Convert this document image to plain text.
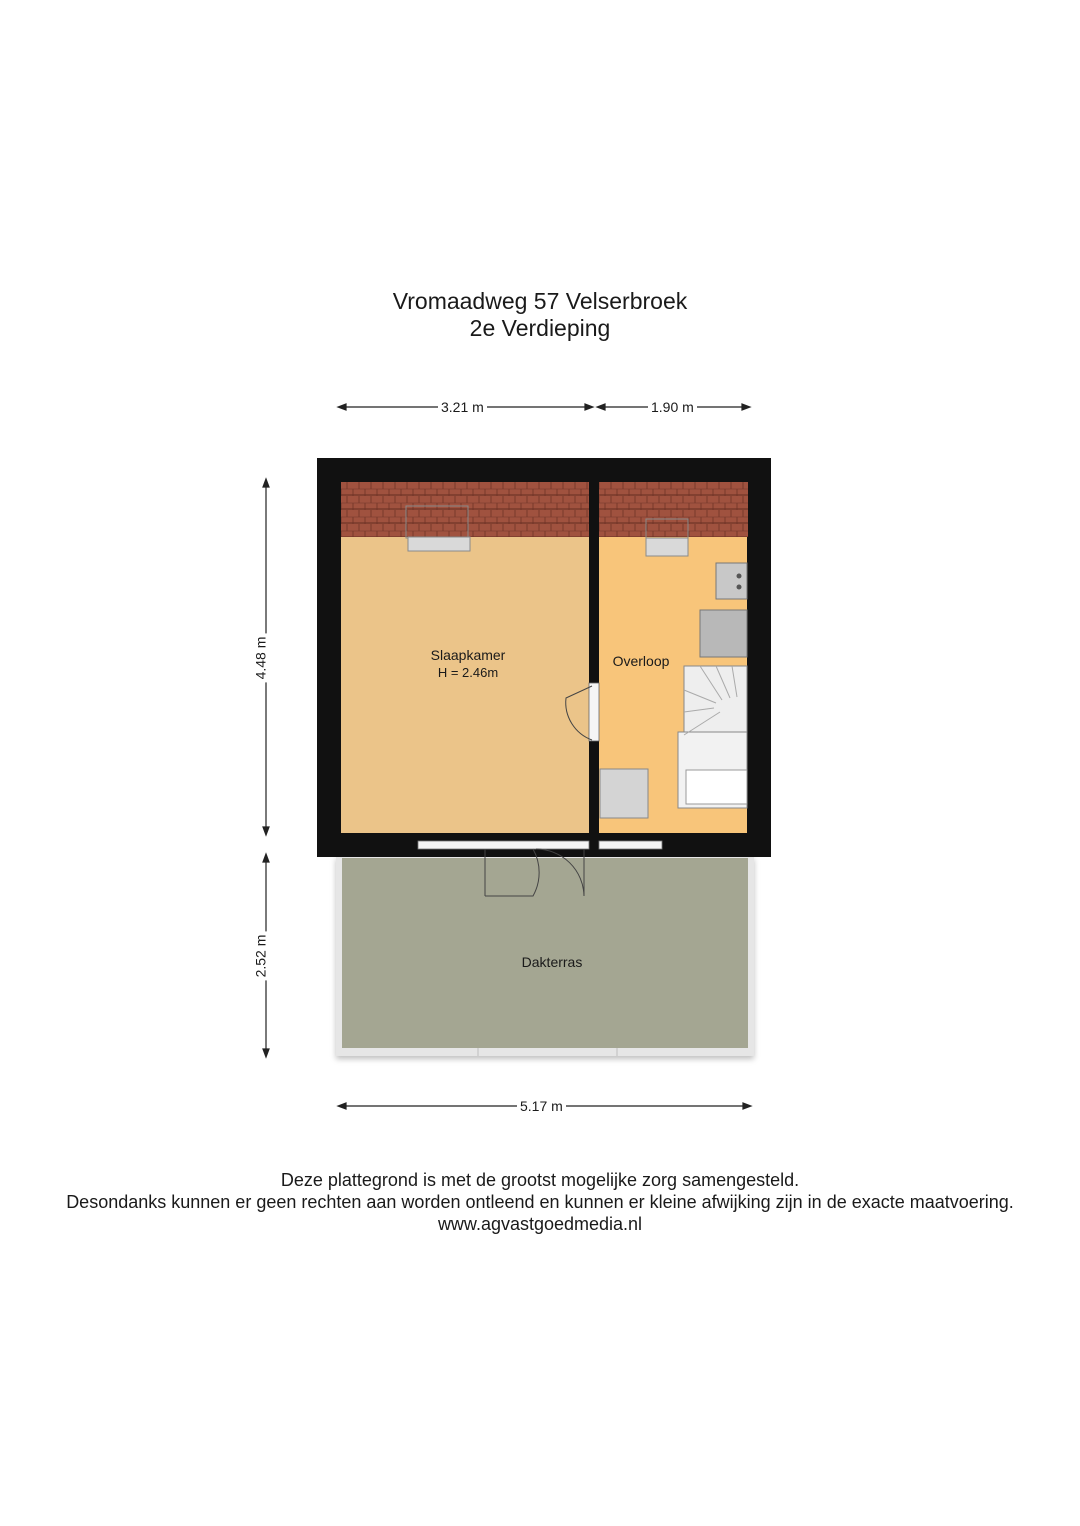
Vromaadweg 57 Velserbroek
2e Verdieping
3.21 m	1.90 m
4.48 m
2.52 m
5.17 m
Slaapkamer
H = 2.46m
Overloop
Dakterras
Deze plattegrond is met de grootst mogelijke zorg samengesteld.
Desondanks kunnen er geen rechten aan worden ontleend en kunnen er kleine afwijking zijn in de exacte maatvoering.
www.agvastgoedmedia.nl
